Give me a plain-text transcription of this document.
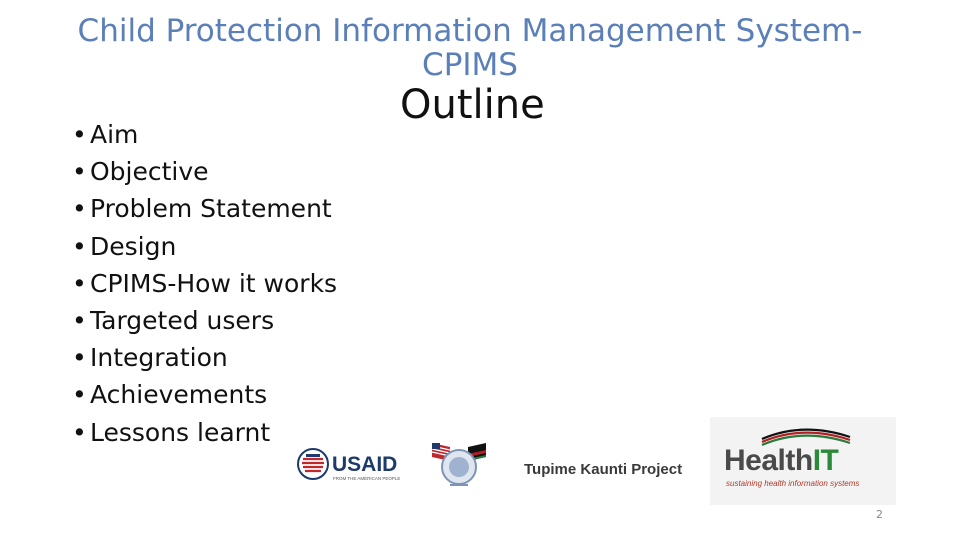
Child Protection Information Management System-CPIMS
Outline
• Aim
• Objective
• Problem Statement
• Design
• CPIMS-How it works
• Targeted users
• Integration
• Achievements
• Lessons learnt
USAID
FROM THE AMERICAN PEOPLE
Tupime Kaunti Project HealthIT
sustaining health information systems
2
